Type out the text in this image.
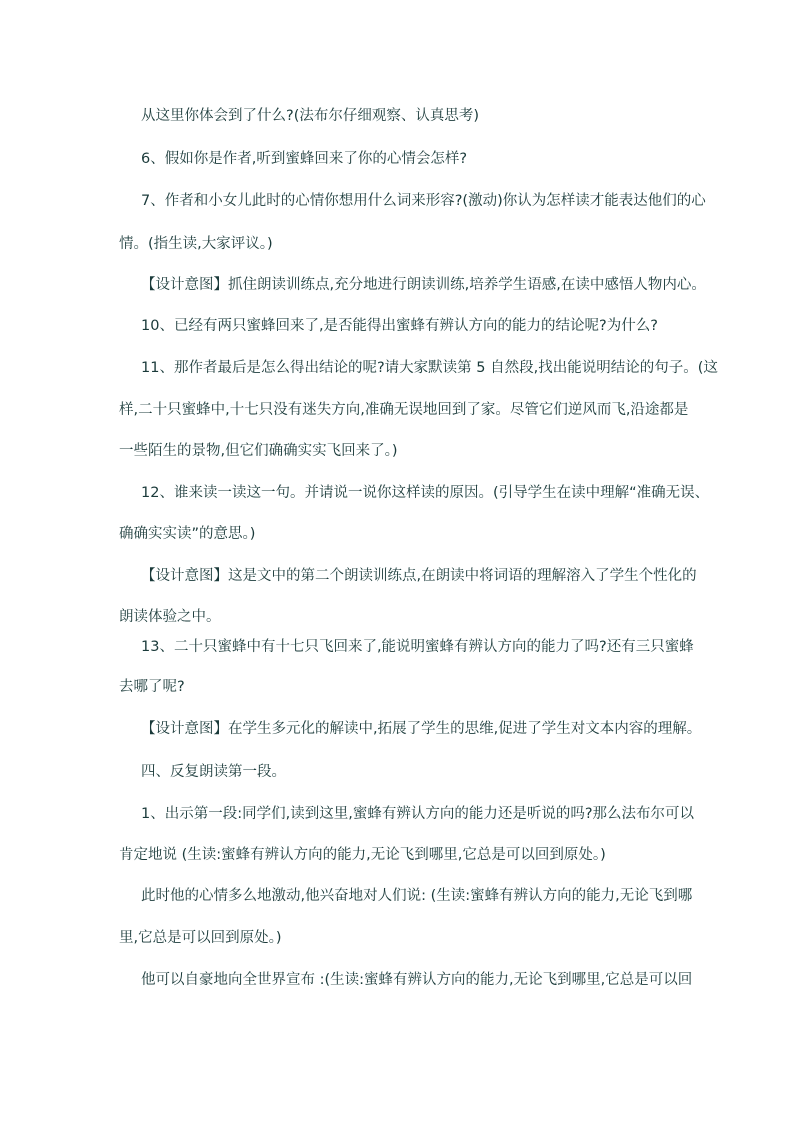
从这里你体会到了什么?(法布尔仔细观察、认真思考)
6、假如你是作者,听到蜜蜂回来了你的心情会怎样?
7、作者和小女儿此时的心情你想用什么词来形容?(激动)你认为怎样读才能表达他们的心
情。(指生读,大家评议。)
【设计意图】抓住朗读训练点,充分地进行朗读训练,培养学生语感,在读中感悟人物内心。
10、已经有两只蜜蜂回来了,是否能得出蜜蜂有辨认方向的能力的结论呢?为什么?
11、那作者最后是怎么得出结论的呢?请大家默读第 5 自然段,找出能说明结论的句子。(这
样,二十只蜜蜂中,十七只没有迷失方向,准确无误地回到了家。尽管它们逆风而飞,沿途都是
一些陌生的景物,但它们确确实实飞回来了。)
12、谁来读一读这一句。并请说一说你这样读的原因。(引导学生在读中理解“准确无误、
确确实实读”的意思。)
【设计意图】这是文中的第二个朗读训练点,在朗读中将词语的理解溶入了学生个性化的
朗读体验之中。
13、二十只蜜蜂中有十七只飞回来了,能说明蜜蜂有辨认方向的能力了吗?还有三只蜜蜂
去哪了呢?
【设计意图】在学生多元化的解读中,拓展了学生的思维,促进了学生对文本内容的理解。
四、反复朗读第一段。
1、出示第一段:同学们,读到这里,蜜蜂有辨认方向的能力还是听说的吗?那么法布尔可以
肯定地说 (生读:蜜蜂有辨认方向的能力,无论飞到哪里,它总是可以回到原处。)
此时他的心情多么地激动,他兴奋地对人们说: (生读:蜜蜂有辨认方向的能力,无论飞到哪
里,它总是可以回到原处。)
他可以自豪地向全世界宣布 :(生读:蜜蜂有辨认方向的能力,无论飞到哪里,它总是可以回
